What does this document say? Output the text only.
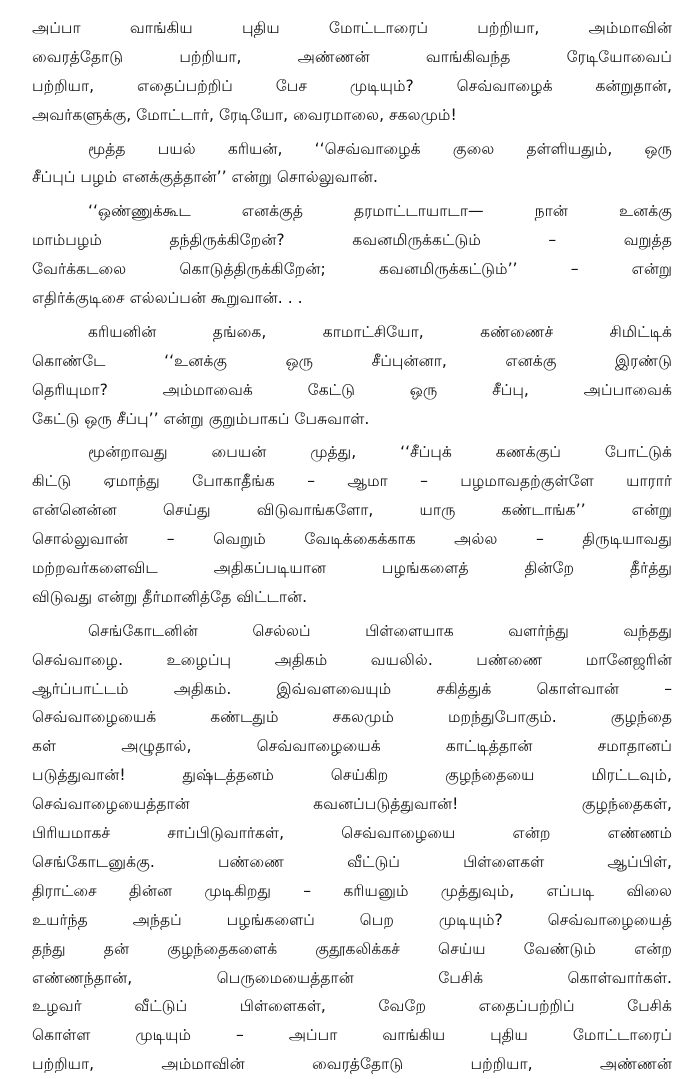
அப்பா வாங்கிய புதிய மோட்டாரைப் பற்றியா, அம்மாவின்
வைரத்தோடு பற்றியா, அண்ணன் வாங்கிவந்த ரேடியோவைப்
பற்றியா, எதைப்பற்றிப் பேச முடியும்? செவ்வாழைக் கன்றுதான்,
அவர்களுக்கு, மோட்டார், ரேடியோ, வைரமாலை, சகலமும்!
மூத்த பயல் கரியன், ‘‘செவ்வாழைக் குலை தள்ளியதும், ஒரு
சீப்புப் பழம் எனக்குத்தான்’’ என்று சொல்லுவான்.
‘‘ஒண்ணுக்கூட எனக்குத் தரமாட்டாயாடா— நான் உனக்கு
மாம்பழம் தந்திருக்கிறேன்? கவனமிருக்கட்டும் – வறுத்த
வேர்க்கடலை கொடுத்திருக்கிறேன்; கவனமிருக்கட்டும்’’ – என்று
எதிர்க்குடிசை எல்லப்பன் கூறுவான். . .
கரியனின் தங்கை, காமாட்சியோ, கண்ணைச் சிமிட்டிக்
கொண்டே ‘‘உனக்கு ஒரு சீப்புன்னா, எனக்கு இரண்டு
தெரியுமா? அம்மாவைக் கேட்டு ஒரு சீப்பு, அப்பாவைக்
கேட்டு ஒரு சீப்பு’’ என்று குறும்பாகப் பேசுவாள்.
மூன்றாவது பையன் முத்து, ‘‘சீப்புக் கணக்குப் போட்டுக்
கிட்டு ஏமாந்து போகாதீங்க – ஆமா – பழமாவதற்குள்ளே யாரார்
என்னென்ன செய்து விடுவாங்களோ, யாரு கண்டாங்க’’ என்று
சொல்லுவான் – வெறும் வேடிக்கைக்காக அல்ல – திருடியாவது
மற்றவர்களைவிட அதிகப்படியான பழங்களைத் தின்றே தீர்த்து
விடுவது என்று தீர்மானித்தே விட்டான்.
செங்கோடனின் செல்லப் பிள்ளையாக வளர்ந்து வந்தது
செவ்வாழை. உழைப்பு அதிகம் வயலில். பண்ணை மானேஜரின்
ஆர்ப்பாட்டம் அதிகம். இவ்வளவையும் சகித்துக் கொள்வான் –
செவ்வாழையைக் கண்டதும் சகலமும் மறந்துபோகும். குழந்தை
கள் அழுதால், செவ்வாழையைக் காட்டித்தான் சமாதானப்
படுத்துவான்! துஷ்டத்தனம் செய்கிற குழந்தையை மிரட்டவும்,
செவ்வாழையைத்தான் கவனப்படுத்துவான்! குழந்தைகள்,
பிரியமாகச் சாப்பிடுவார்கள், செவ்வாழையை என்ற எண்ணம்
செங்கோடனுக்கு. பண்ணை வீட்டுப் பிள்ளைகள் ஆப்பிள்,
திராட்சை தின்ன முடிகிறது – கரியனும் முத்துவும், எப்படி விலை
உயர்ந்த அந்தப் பழங்களைப் பெற முடியும்? செவ்வாழையைத்
தந்து தன் குழந்தைகளைக் குதூகலிக்கச் செய்ய வேண்டும் என்ற
எண்ணந்தான், பெருமையைத்தான் பேசிக் கொள்வார்கள்.
உழவர் வீட்டுப் பிள்ளைகள், வேறே எதைப்பற்றிப் பேசிக்
கொள்ள முடியும் – அப்பா வாங்கிய புதிய மோட்டாரைப்
பற்றியா, அம்மாவின் வைரத்தோடு பற்றியா, அண்ணன்
